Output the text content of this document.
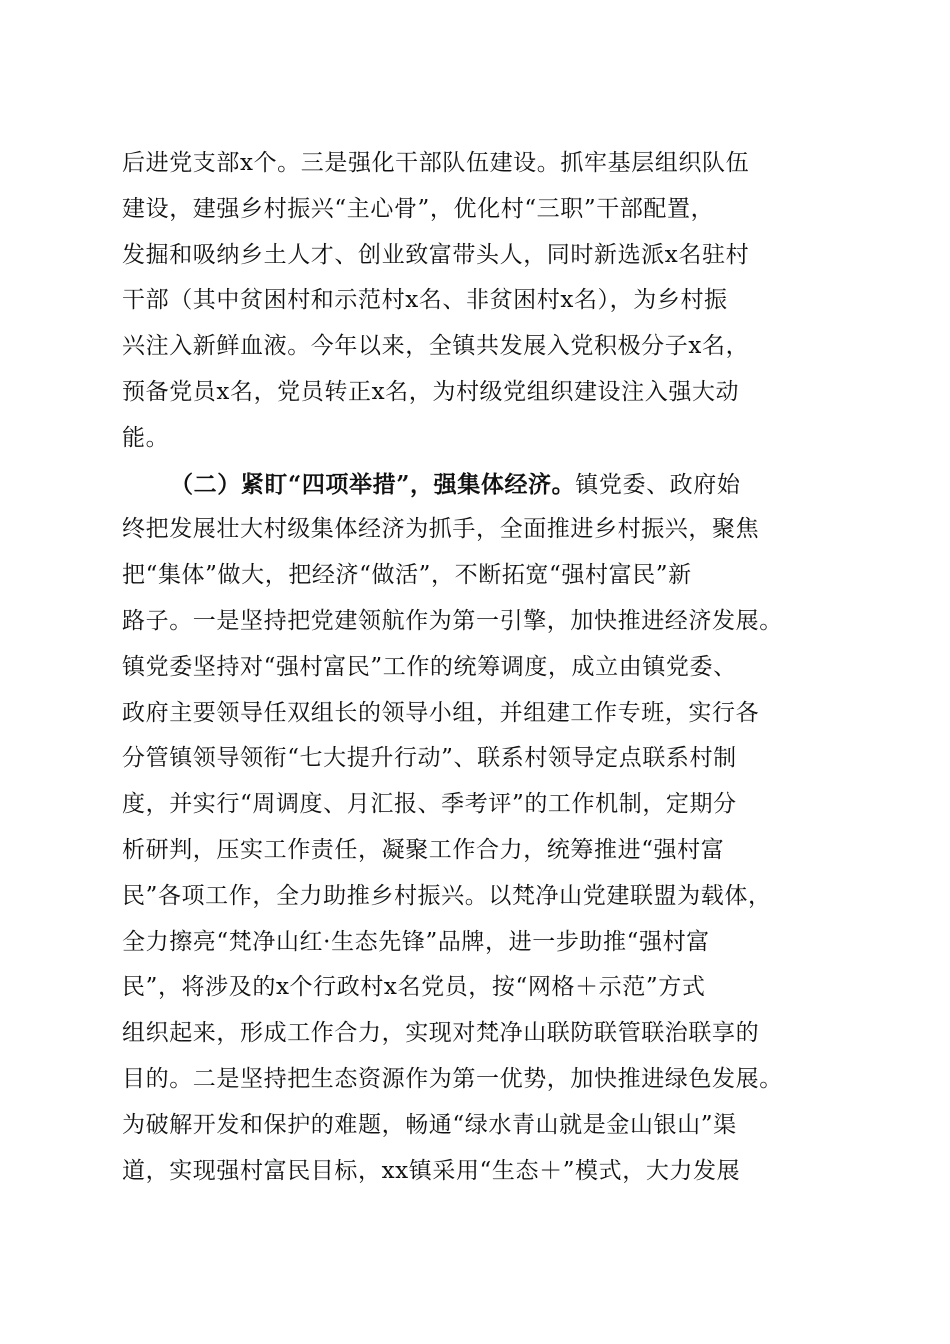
后进党支部x个。三是强化干部队伍建设。抓牢基层组织队伍
建设，建强乡村振兴“主心骨”，优化村“三职”干部配置，
发掘和吸纳乡土人才、创业致富带头人，同时新选派x名驻村
干部（其中贫困村和示范村x名、非贫困村x名），为乡村振
兴注入新鲜血液。今年以来，全镇共发展入党积极分子x名，
预备党员x名，党员转正x名，为村级党组织建设注入强大动
能。
（二）紧盯“四项举措”，强集体经济。镇党委、政府始
终把发展壮大村级集体经济为抓手，全面推进乡村振兴，聚焦
把“集体”做大，把经济“做活”，不断拓宽“强村富民”新
路子。一是坚持把党建领航作为第一引擎，加快推进经济发展。
镇党委坚持对“强村富民”工作的统筹调度，成立由镇党委、
政府主要领导任双组长的领导小组，并组建工作专班，实行各
分管镇领导领衔“七大提升行动”、联系村领导定点联系村制
度，并实行“周调度、月汇报、季考评”的工作机制，定期分
析研判，压实工作责任，凝聚工作合力，统筹推进“强村富
民”各项工作，全力助推乡村振兴。以梵净山党建联盟为载体，
全力擦亮“梵净山红·生态先锋”品牌，进一步助推“强村富
民”，将涉及的x个行政村x名党员，按“网格＋示范”方式
组织起来，形成工作合力，实现对梵净山联防联管联治联享的
目的。二是坚持把生态资源作为第一优势，加快推进绿色发展。
为破解开发和保护的难题，畅通“绿水青山就是金山银山”渠
道，实现强村富民目标，xx镇采用“生态＋”模式，大力发展
